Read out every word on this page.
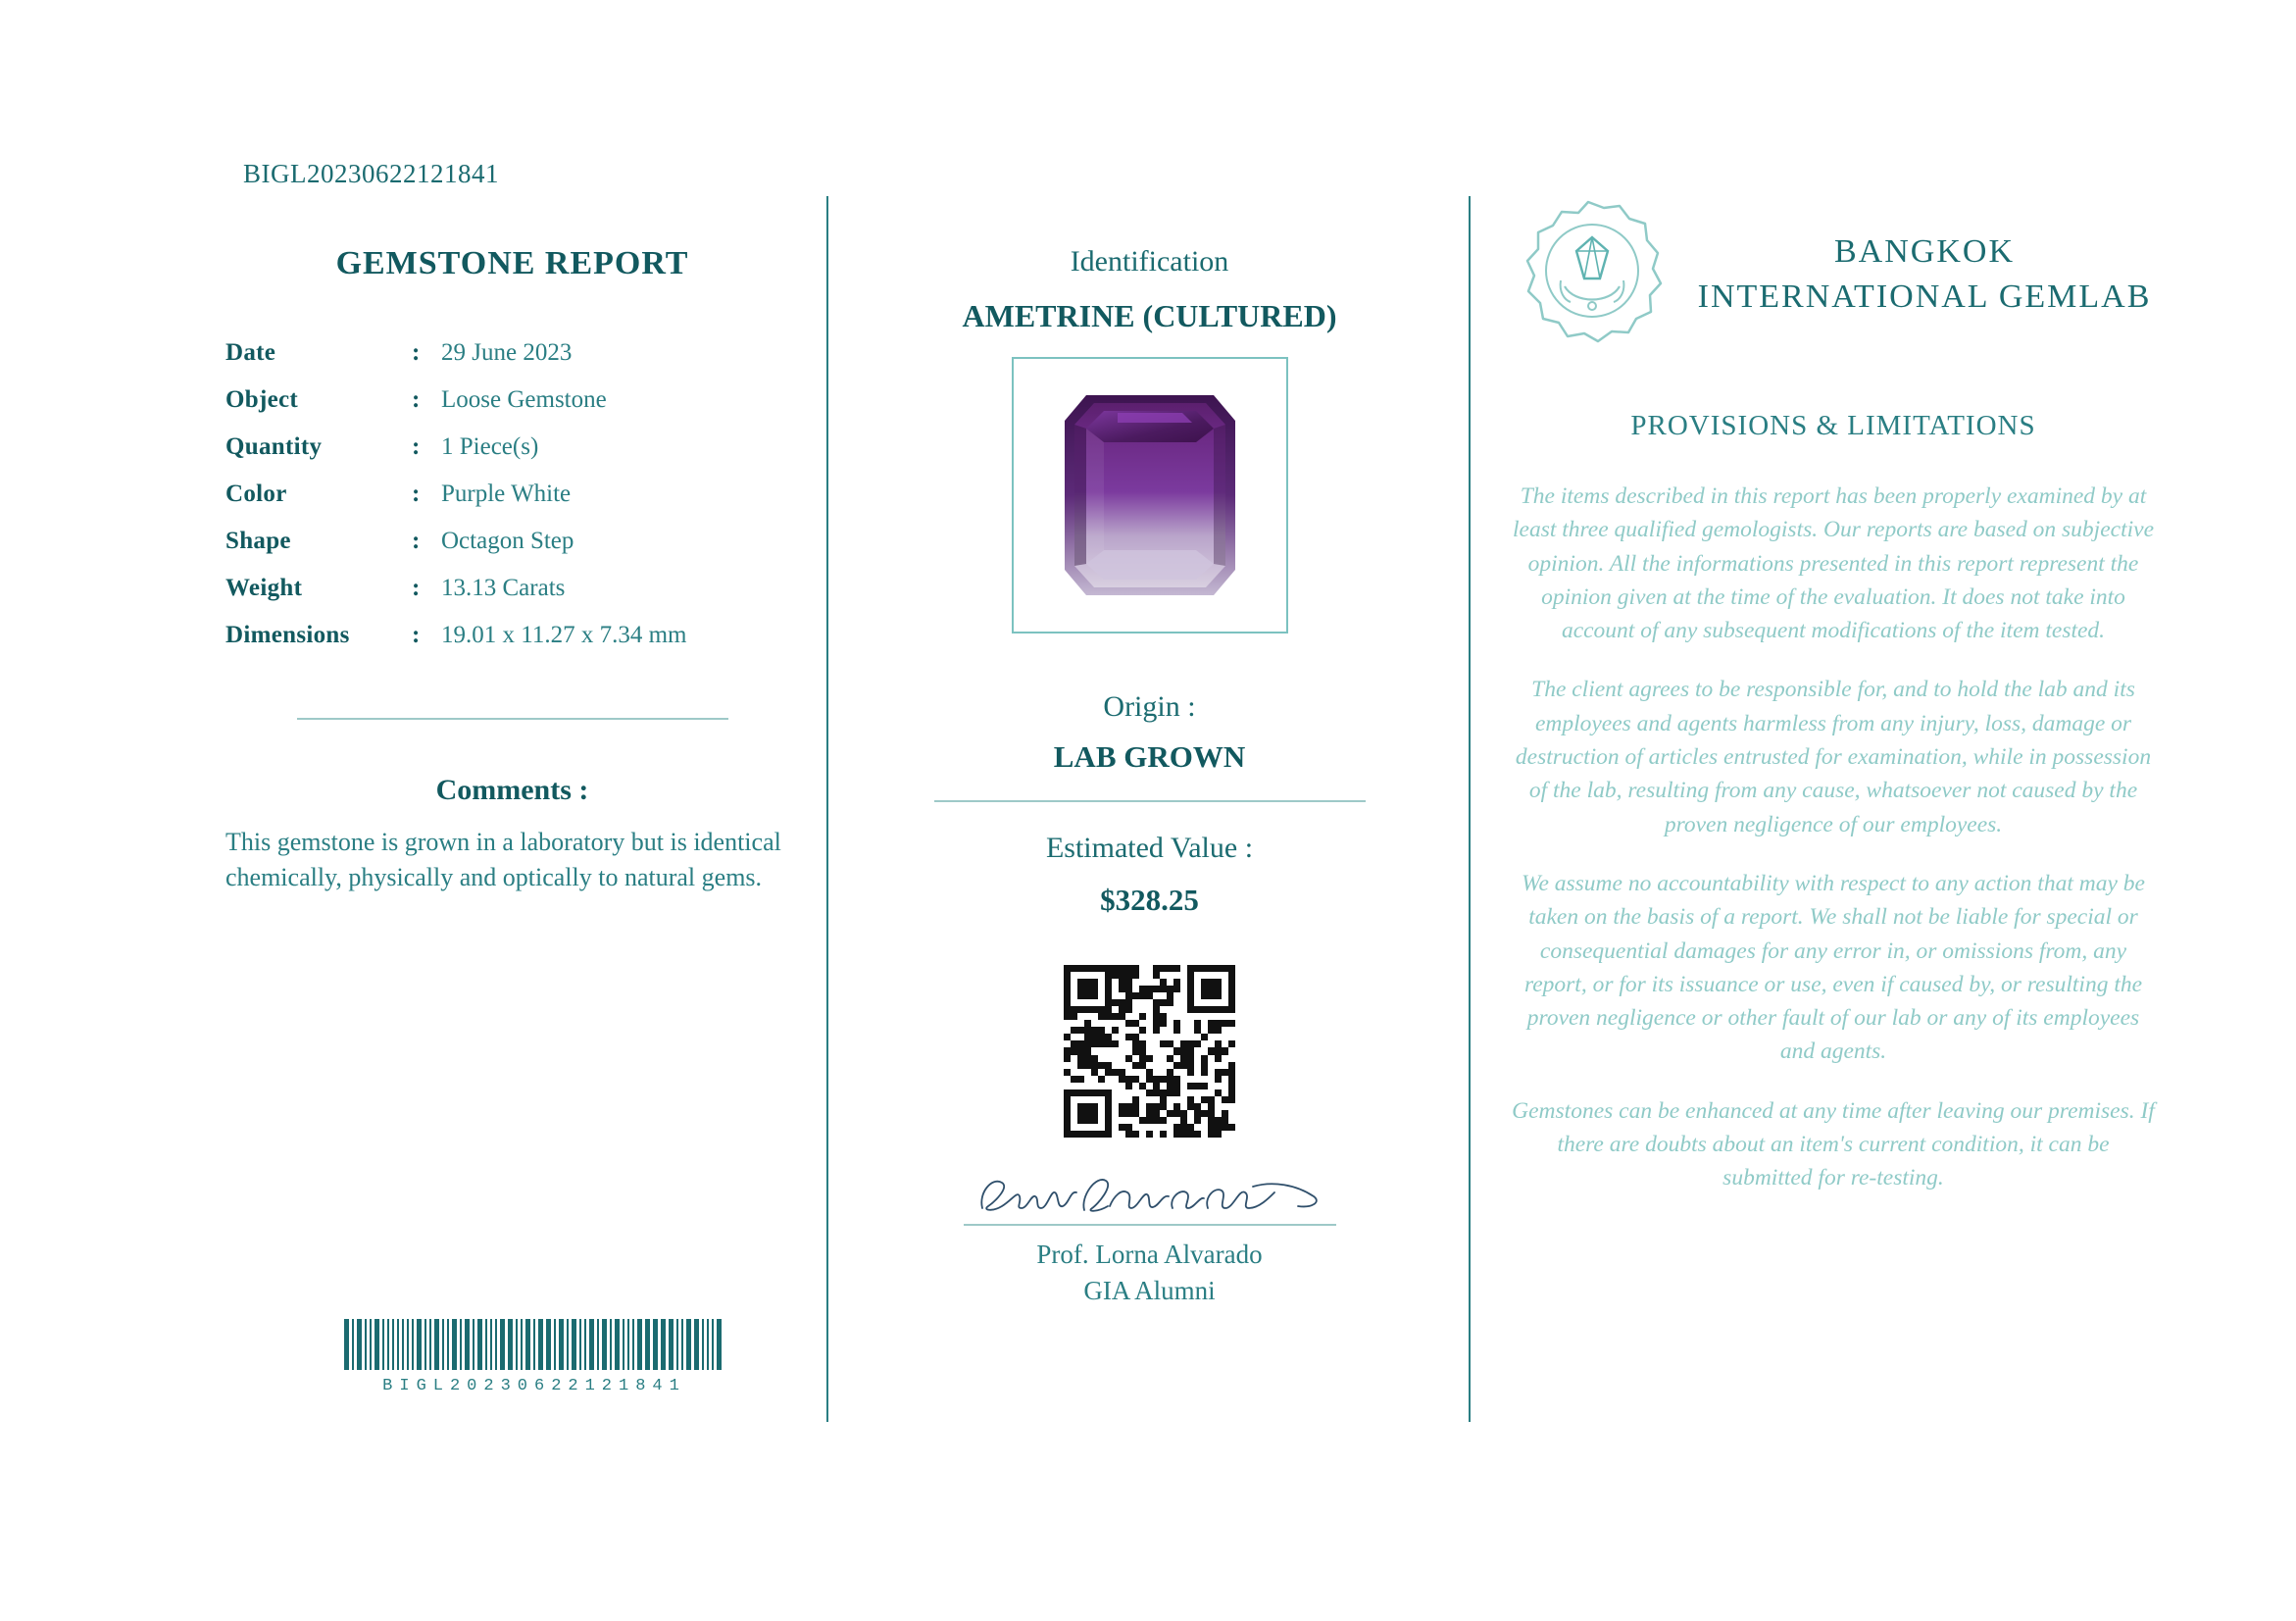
BIGL20230622121841
GEMSTONE REPORT
Date	:	29 June 2023
Object	:	Loose Gemstone
Quantity	:	1 Piece(s)
Color	:	Purple White
Shape	:	Octagon Step
Weight	:	13.13 Carats
Dimensions	:	19.01 x 11.27 x 7.34 mm
Comments :
This gemstone is grown in a laboratory but is identical chemically, physically and optically to natural gems.
BIGL20230622121841
Identification
AMETRINE (CULTURED)
Origin :
LAB GROWN
Estimated Value :
$328.25
Prof. Lorna Alvarado
GIA Alumni
BANGKOK INTERNATIONAL GEMLAB
PROVISIONS & LIMITATIONS

The items described in this report has been properly examined by at least three qualified gemologists. Our reports are based on subjective opinion. All the informations presented in this report represent the opinion given at the time of the evaluation. It does not take into account of any subsequent modifications of the item tested.

The client agrees to be responsible for, and to hold the lab and its employees and agents harmless from any injury, loss, damage or destruction of articles entrusted for examination, while in possession of the lab, resulting from any cause, whatsoever not caused by the proven negligence of our employees.

We assume no accountability with respect to any action that may be taken on the basis of a report. We shall not be liable for special or consequential damages for any error in, or omissions from, any report, or for its issuance or use, even if caused by, or resulting the proven negligence or other fault of our lab or any of its employees and agents.

Gemstones can be enhanced at any time after leaving our premises. If there are doubts about an item's current condition, it can be submitted for re-testing.
